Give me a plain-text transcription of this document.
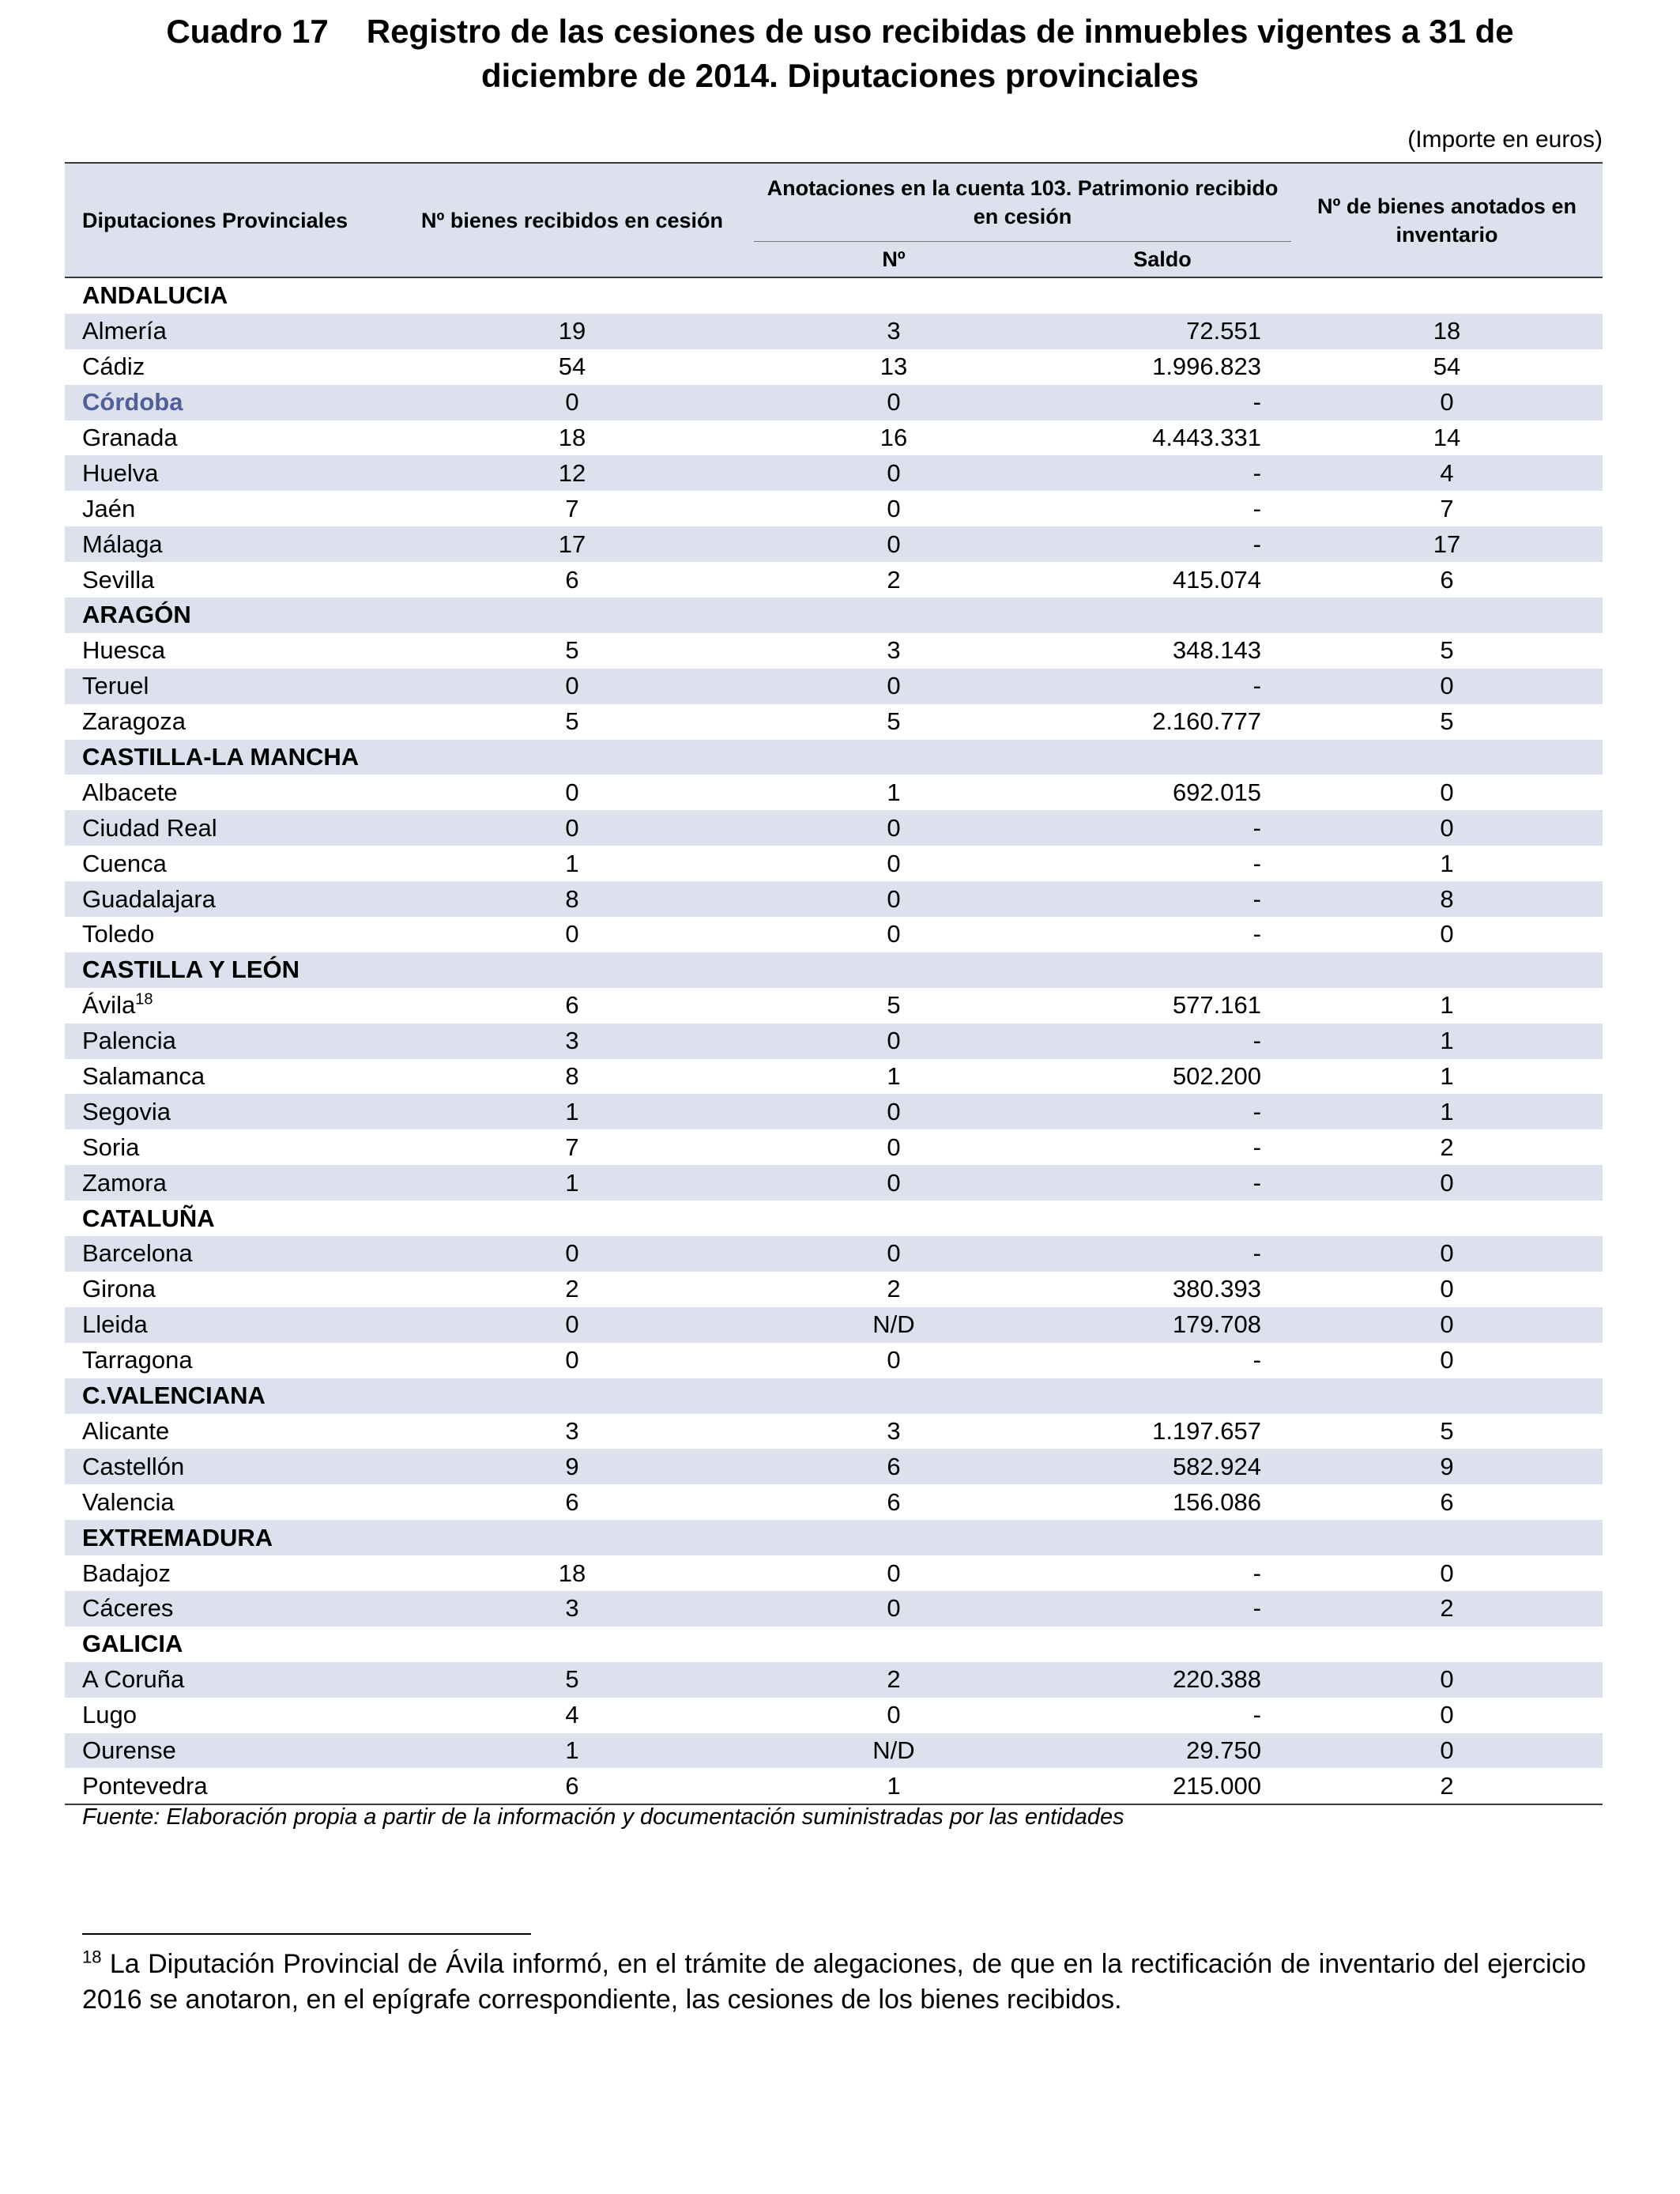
Cuadro 17 Registro de las cesiones de uso recibidas de inmuebles vigentes a 31 de
diciembre de 2014. Diputaciones provinciales
(Importe en euros)
Diputaciones Provinciales	Nº bienes recibidos en cesión	Anotaciones en la cuenta 103. Patrimonio recibido en cesión		Nº de bienes anotados en inventario
		Nº	Saldo	
ANDALUCIA				
Almería	19	3	72.551	18
Cádiz	54	13	1.996.823	54
Córdoba	0	0	-	0
Granada	18	16	4.443.331	14
Huelva	12	0	-	4
Jaén	7	0	-	7
Málaga	17	0	-	17
Sevilla	6	2	415.074	6
ARAGÓN				
Huesca	5	3	348.143	5
Teruel	0	0	-	0
Zaragoza	5	5	2.160.777	5
CASTILLA-LA MANCHA				
Albacete	0	1	692.015	0
Ciudad Real	0	0	-	0
Cuenca	1	0	-	1
Guadalajara	8	0	-	8
Toledo	0	0	-	0
CASTILLA Y LEÓN				
Ávila$^{18}$	6	5	577.161	1
Palencia	3	0	-	1
Salamanca	8	1	502.200	1
Segovia	1	0	-	1
Soria	7	0	-	2
Zamora	1	0	-	0
CATALUÑA				
Barcelona	0	0	-	0
Girona	2	2	380.393	0
Lleida	0	N/D	179.708	0
Tarragona	0	0	-	0
C.VALENCIANA				
Alicante	3	3	1.197.657	5
Castellón	9	6	582.924	9
Valencia	6	6	156.086	6
EXTREMADURA				
Badajoz	18	0	-	0
Cáceres	3	0	-	2
GALICIA				
A Coruña	5	2	220.388	0
Lugo	4	0	-	0
Ourense	1	N/D	29.750	0
Pontevedra	6	1	215.000	2
Fuente: Elaboración propia a partir de la información y documentación suministradas por las entidades
$^{18}$ La Diputación Provincial de Ávila informó, en el trámite de alegaciones, de que en la rectificación de inventario del ejercicio 2016 se anotaron, en el epígrafe correspondiente, las cesiones de los bienes recibidos.
